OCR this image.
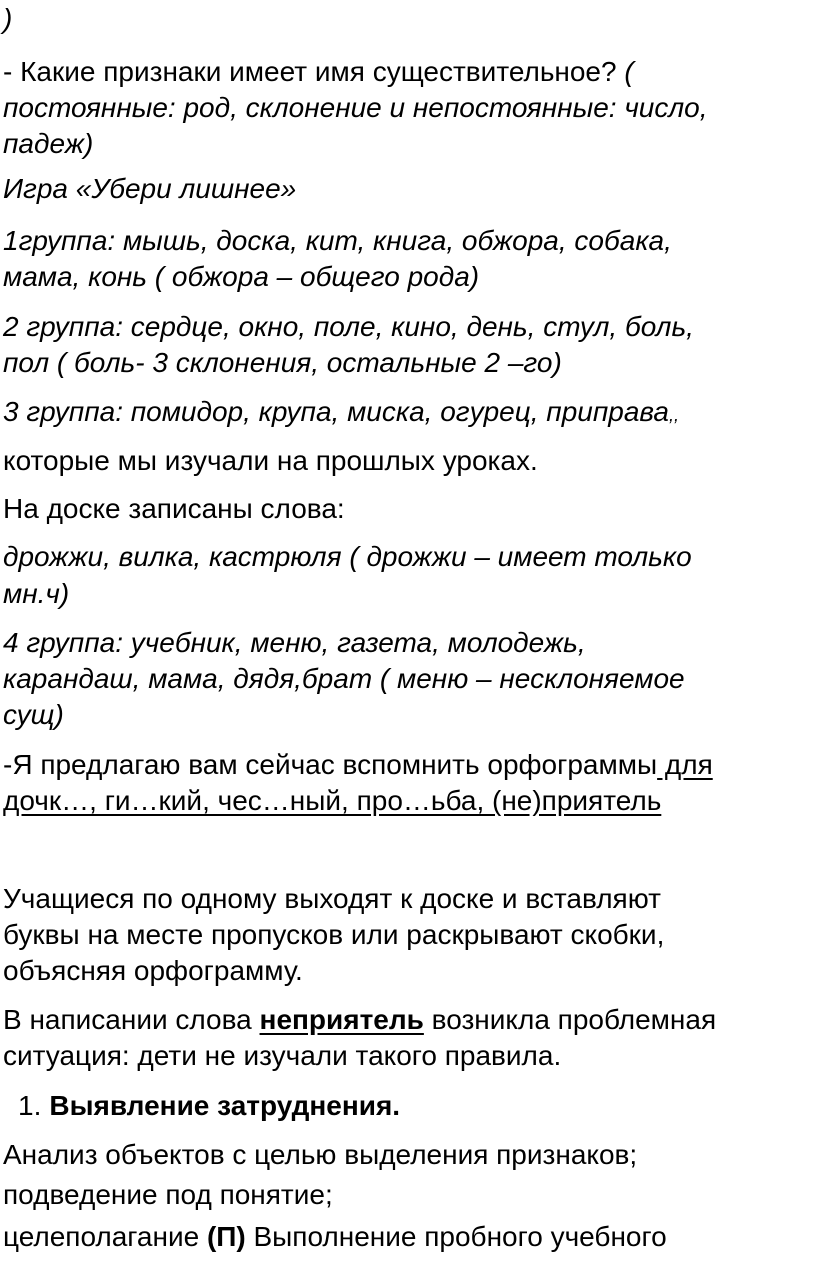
)
- Какие признаки имеет имя существительное? (
постоянные: род, склонение и непостоянные: число,
падеж)
Игра «Убери лишнее»
1группа: мышь, доска, кит, книга, обжора, собака,
мама, конь ( обжора – общего рода)
2 группа: сердце, окно, поле, кино, день, стул, боль,
пол ( боль- 3 склонения, остальные 2 –го)
3 группа: помидор, крупа, миска, огурец, приправа,,
которые мы изучали на прошлых уроках.
На доске записаны слова:
дрожжи, вилка, кастрюля ( дрожжи – имеет только
мн.ч)
4 группа: учебник, меню, газета, молодежь,
карандаш, мама, дядя,брат ( меню – несклоняемое
сущ)
-Я предлагаю вам сейчас вспомнить орфограммы для
дочк…, ги…кий, чес…ный, про…ьба, (не)приятель
Учащиеся по одному выходят к доске и вставляют
буквы на месте пропусков или раскрывают скобки,
объясняя орфограмму.
В написании слова неприятель возникла проблемная
ситуация: дети не изучали такого правила.
1. Выявление затруднения.
Анализ объектов с целью выделения признаков;
подведение под понятие;
целеполагание (П) Выполнение пробного учебного
